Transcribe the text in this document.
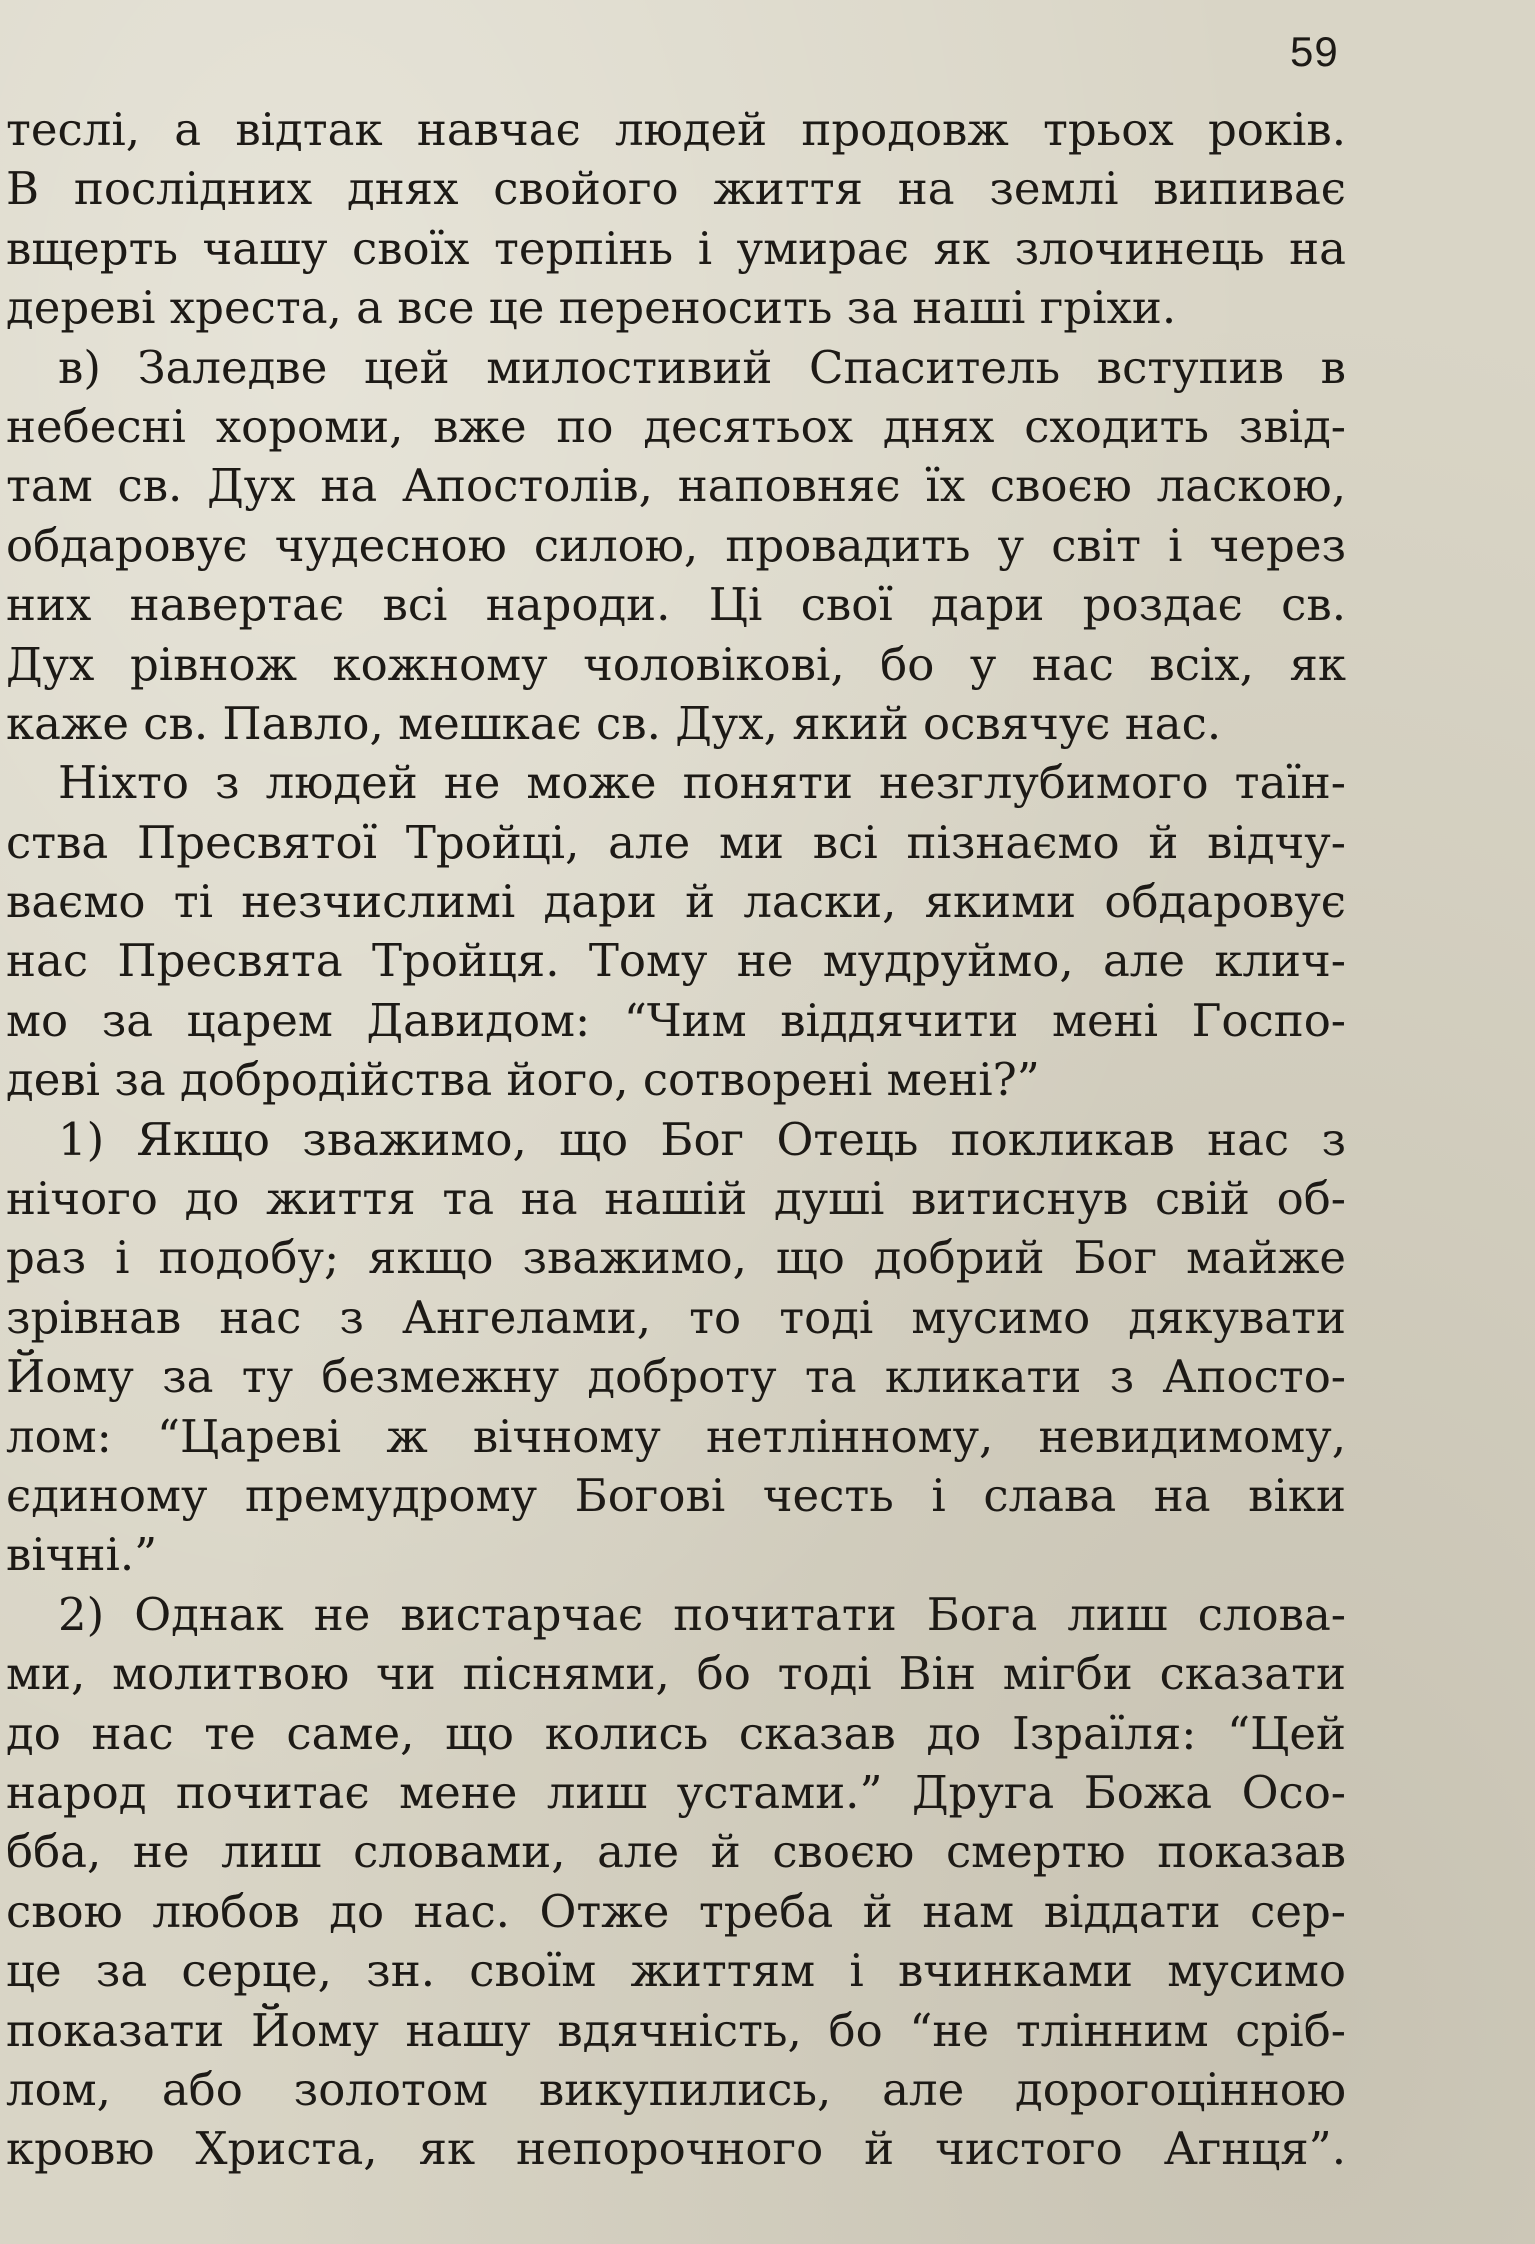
59
теслі, а відтак навчає людей продовж трьох років.
В послідних днях свойого життя на землі випиває
вщерть чашу своїх терпінь і умирає як злочинець на
дереві хреста, а все це переносить за наші гріхи.
в) Заледве цей милостивий Спаситель вступив в
небесні хороми, вже по десятьох днях сходить звід-
там св. Дух на Апостолів, наповняє їх своєю ласкою,
обдаровує чудесною силою, провадить у світ і через
них навертає всі народи. Ці свої дари роздає св.
Дух рівнож кожному чоловікові, бо у нас всіх, як
каже св. Павло, мешкає св. Дух, який освячує нас.
Ніхто з людей не може поняти незглубимого таїн-
ства Пресвятої Тройці, але ми всі пізнаємо й відчу-
ваємо ті незчислимі дари й ласки, якими обдаровує
нас Пресвята Тройця. Тому не мудруймо, але клич-
мо за царем Давидом: “Чим віддячити мені Госпо-
деві за добродійства його, сотворені мені?”
1) Якщо зважимо, що Бог Отець покликав нас з
нічого до життя та на нашій душі витиснув свій об-
раз і подобу; якщо зважимо, що добрий Бог майже
зрівнав нас з Ангелами, то тоді мусимо дякувати
Йому за ту безмежну доброту та кликати з Апосто-
лом: “Цареві ж вічному нетлінному, невидимому,
єдиному премудрому Богові честь і слава на віки
вічні.”
2) Однак не вистарчає почитати Бога лиш слова-
ми, молитвою чи піснями, бо тоді Він мігби сказати
до нас те саме, що колись сказав до Ізраїля: “Цей
народ почитає мене лиш устами.” Друга Божа Осо-
бба, не лиш словами, але й своєю смертю показав
свою любов до нас. Отже треба й нам віддати сер-
це за серце, зн. своїм життям і вчинками мусимо
показати Йому нашу вдячність, бо “не тлінним сріб-
лом, або золотом викупились, але дорогоцінною
кровю Христа, як непорочного й чистого Агнця”.
